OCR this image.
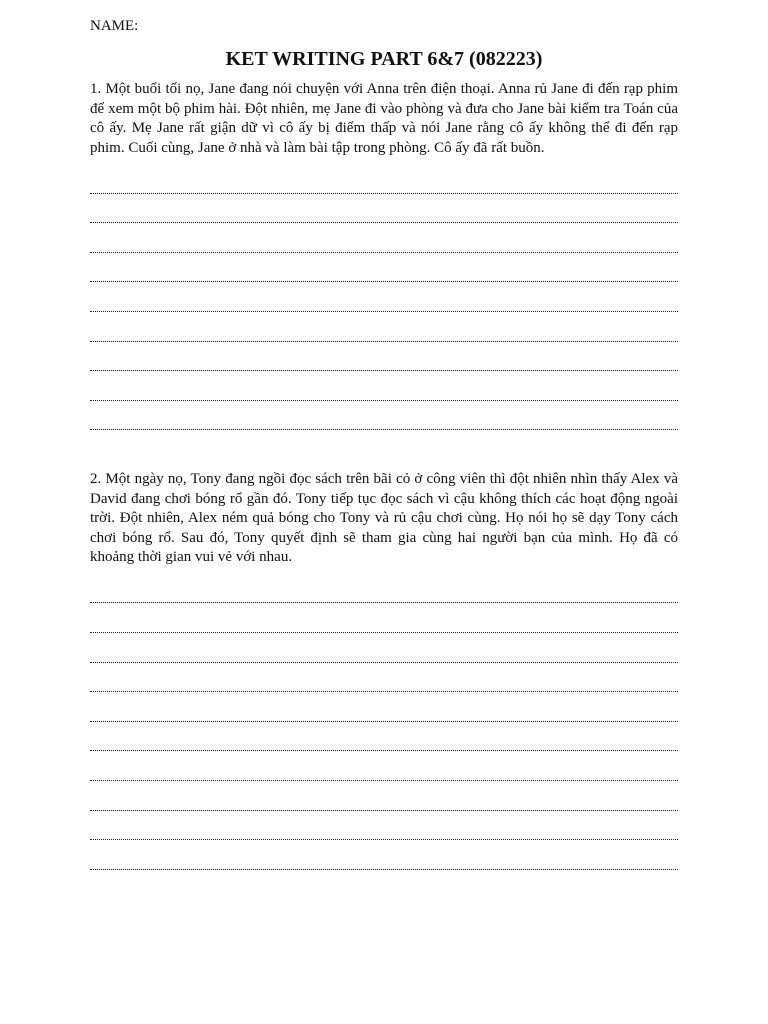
NAME:

KET WRITING PART 6&7 (082223)

1. Một buổi tối nọ, Jane đang nói chuyện với Anna trên điện thoại. Anna rủ Jane đi đến rạp phim để xem một bộ phim hài. Đột nhiên, mẹ Jane đi vào phòng và đưa cho Jane bài kiểm tra Toán của cô ấy. Mẹ Jane rất giận dữ vì cô ấy bị điểm thấp và nói Jane rằng cô ấy không thể đi đến rạp phim. Cuối cùng, Jane ở nhà và làm bài tập trong phòng. Cô ấy đã rất buồn.

2. Một ngày nọ, Tony đang ngồi đọc sách trên bãi cỏ ở công viên thì đột nhiên nhìn thấy Alex và David đang chơi bóng rổ gần đó. Tony tiếp tục đọc sách vì cậu không thích các hoạt động ngoài trời. Đột nhiên, Alex ném quả bóng cho Tony và rủ cậu chơi cùng. Họ nói họ sẽ dạy Tony cách chơi bóng rổ. Sau đó, Tony quyết định sẽ tham gia cùng hai người bạn của mình. Họ đã có khoảng thời gian vui vẻ với nhau.
